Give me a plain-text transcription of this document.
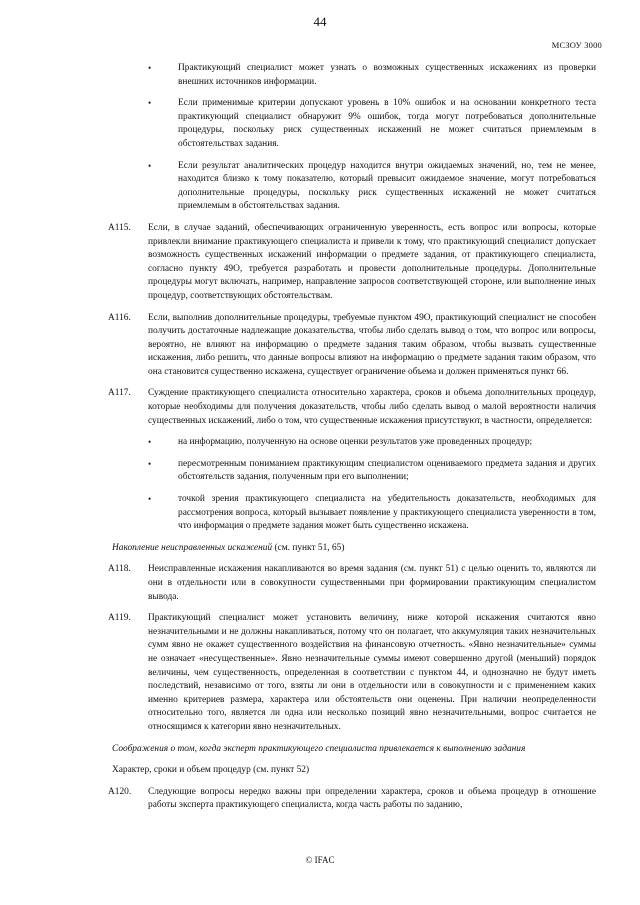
44
МСЗОУ 3000
•	Практикующий специалист может узнать о возможных существенных искажениях из проверки внешних источников информации.

•	Если применимые критерии допускают уровень в 10% ошибок и на основании конкретного теста практикующий специалист обнаружит 9% ошибок, тогда могут потребоваться дополнительные процедуры, поскольку риск существенных искажений не может считаться приемлемым в обстоятельствах задания.

•	Если результат аналитических процедур находится внутри ожидаемых значений, но, тем не менее, находится близко к тому показателю, который превысит ожидаемое значение, могут потребоваться дополнительные процедуры, поскольку риск существенных искажений не может считаться приемлемым в обстоятельствах задания.

A115. Если, в случае заданий, обеспечивающих ограниченную уверенность, есть вопрос или вопросы, которые привлекли внимание практикующего специалиста и привели к тому, что практикующий специалист допускает возможность существенных искажений информации о предмете задания, от практикующего специалиста, согласно пункту 49О, требуется разработать и провести дополнительные процедуры. Дополнительные процедуры могут включать, например, направление запросов соответствующей стороне, или выполнение иных процедур, соответствующих обстоятельствам.

A116. Если, выполнив дополнительные процедуры, требуемые пунктом 49О, практикующий специалист не способен получить достаточные надлежащие доказательства, чтобы либо сделать вывод о том, что вопрос или вопросы, вероятно, не влияют на информацию о предмете задания таким образом, чтобы вызвать существенные искажения, либо решить, что данные вопросы влияют на информацию о предмете задания таким образом, что она становится существенно искажена, существует ограничение объема и должен применяться пункт 66.

A117. Суждение практикующего специалиста относительно характера, сроков и объема дополнительных процедур, которые необходимы для получения доказательств, чтобы либо сделать вывод о малой вероятности наличия существенных искажений, либо о том, что существенные искажения присутствуют, в частности, определяется:

•	на информацию, полученную на основе оценки результатов уже проведенных процедур;

•	пересмотренным пониманием практикующим специалистом оцениваемого предмета задания и других обстоятельств задания, полученным при его выполнении;

•	точкой зрения практикующего специалиста на убедительность доказательств, необходимых для рассмотрения вопроса, который вызывает появление у практикующего специалиста уверенности в том, что информация о предмете задания может быть существенно искажена.

Накопление неисправленных искажений (см. пункт 51, 65)

A118. Неисправленные искажения накапливаются во время задания (см. пункт 51) с целью оценить то, являются ли они в отдельности или в совокупности существенными при формировании практикующим специалистом вывода.

A119. Практикующий специалист может установить величину, ниже которой искажения считаются явно незначительными и не должны накапливаться, потому что он полагает, что аккумуляция таких незначительных сумм явно не окажет существенного воздействия на финансовую отчетность. «Явно незначительные» суммы не означает «несущественные». Явно незначительные суммы имеют совершенно другой (меньший) порядок величины, чем существенность, определенная в соответствии с пунктом 44, и однозначно не будут иметь последствий, независимо от того, взяты ли они в отдельности или в совокупности и с применением каких именно критериев размера, характера или обстоятельств они оценены. При наличии неопределенности относительно того, является ли одна или несколько позиций явно незначительными, вопрос считается не относящимся к категории явно незначительных.

Соображения о том, когда эксперт практикующего специалиста привлекается к выполнению задания

Характер, сроки и объем процедур (см. пункт 52)

A120. Следующие вопросы нередко важны при определении характера, сроков и объема процедур в отношение работы эксперта практикующего специалиста, когда часть работы по заданию,

© IFAC
